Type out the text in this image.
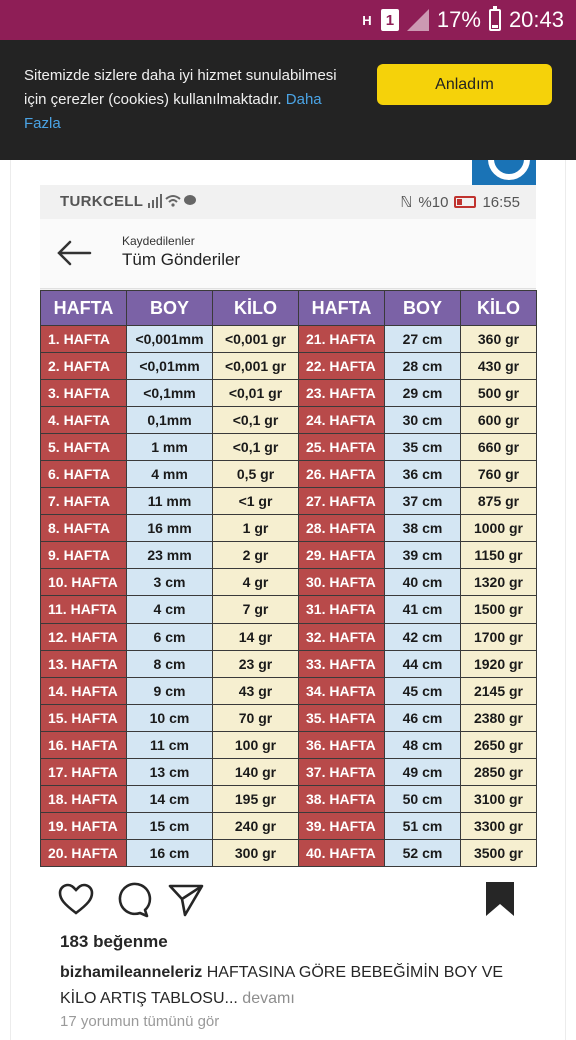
H 1 17% 20:43
Sitemizde sizlere daha iyi hizmet sunulabilmesi için çerezler (cookies) kullanılmaktadır. Daha Fazla
Anladım
TURKCELL	ℕ %10 16:55
Kaydedilenler
Tüm Gönderiler
HAFTA	BOY	KİLO	HAFTA	BOY	KİLO
1. HAFTA	<0,001mm	<0,001 gr	21. HAFTA	27 cm	360 gr
2. HAFTA	<0,01mm	<0,001 gr	22. HAFTA	28 cm	430 gr
3. HAFTA	<0,1mm	<0,01 gr	23. HAFTA	29 cm	500 gr
4. HAFTA	0,1mm	<0,1 gr	24. HAFTA	30 cm	600 gr
5. HAFTA	1 mm	<0,1 gr	25. HAFTA	35 cm	660 gr
6. HAFTA	4 mm	0,5 gr	26. HAFTA	36 cm	760 gr
7. HAFTA	11 mm	<1 gr	27. HAFTA	37 cm	875 gr
8. HAFTA	16 mm	1 gr	28. HAFTA	38 cm	1000 gr
9. HAFTA	23 mm	2 gr	29. HAFTA	39 cm	1150 gr
10. HAFTA	3 cm	4 gr	30. HAFTA	40 cm	1320 gr
11. HAFTA	4 cm	7 gr	31. HAFTA	41 cm	1500 gr
12. HAFTA	6 cm	14 gr	32. HAFTA	42 cm	1700 gr
13. HAFTA	8 cm	23 gr	33. HAFTA	44 cm	1920 gr
14. HAFTA	9 cm	43 gr	34. HAFTA	45 cm	2145 gr
15. HAFTA	10 cm	70 gr	35. HAFTA	46 cm	2380 gr
16. HAFTA	11 cm	100 gr	36. HAFTA	48 cm	2650 gr
17. HAFTA	13 cm	140 gr	37. HAFTA	49 cm	2850 gr
18. HAFTA	14 cm	195 gr	38. HAFTA	50 cm	3100 gr
19. HAFTA	15 cm	240 gr	39. HAFTA	51 cm	3300 gr
20. HAFTA	16 cm	300 gr	40. HAFTA	52 cm	3500 gr
183 beğenme
bizhamileanneleriz HAFTASINA GÖRE BEBEĞİMİN BOY VE KİLO ARTIŞ TABLOSU... devamı
17 yorumun tümünü gör
